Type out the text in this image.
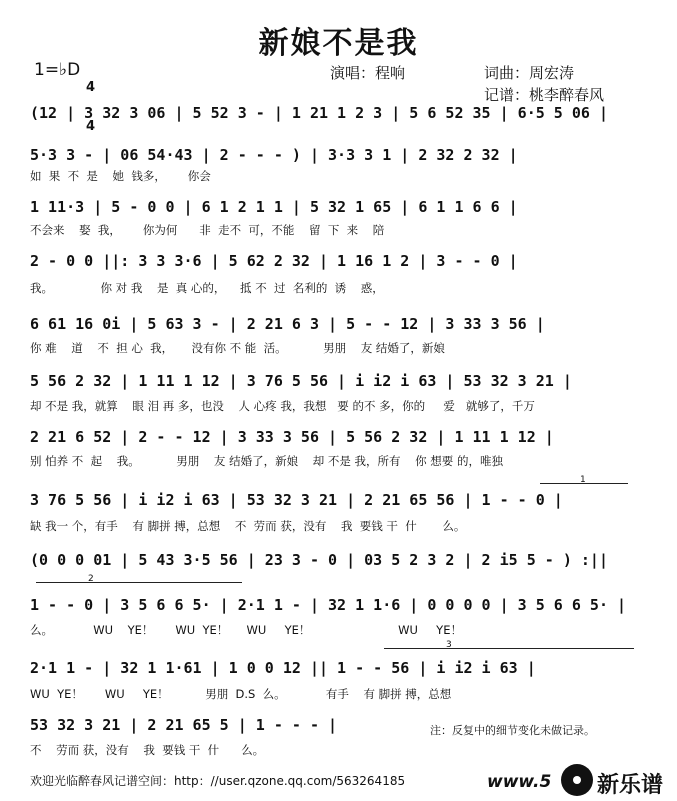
新娘不是我
1=♭D

4

4

演唱：程响	词曲：周宏涛
记谱：桃李醉春风
(12 | 3 32 3 06 | 5 52 3 - | 1 21 1 2 3 | 5 6 52 35 | 6·5 5 06 |
5·3 3 - | 06 54·43 | 2 - - - ) | 3·3 3 1 | 2 32 2 32 |
如  果  不  是    她  钱多，      你会
1 11·3 | 5 - 0 0 | 6 1 2 1 1 | 5 32 1 65 | 6 1 1 6 6 |
不会来    娶  我，      你为何      非  走不  可，不能    留  下  来    陪
2 - 0 0 ||: 3 3 3·6 | 5 62 2 32 | 1 16 1 2 | 3 - - 0 |
我。             你 对 我    是  真 心的，    抵 不  过  名利的  诱    惑，
6 61 16 0i | 5 63 3 - | 2 21 6 3 | 5 - - 12 | 3 33 3 56 |
你 难    道    不  担 心  我，     没有你 不 能  活。          男朋    友 结婚了，新娘
5 56 2 32 | 1 11 1 12 | 3 76 5 56 | i i2 i 63 | 53 32 3 21 |
却 不是 我，就算    眼 泪 再 多，也没    人 心疼 我，我想   要 的不 多，你的     爱   就够了，千万
2 21 6 52 | 2 - - 12 | 3 33 3 56 | 5 56 2 32 | 1 11 1 12 |
别 怕养 不  起    我。          男朋    友 结婚了，新娘    却 不是 我，所有    你 想要 的，唯独
1
3 76 5 56 | i i2 i 63 | 53 32 3 21 | 2 21 65 56 | 1 - - 0 |
缺 我一 个，有手    有 脚拼 搏，总想    不  劳而 获，没有    我  要钱 干  什       么。
(0 0 0 01 | 5 43 3·5 56 | 23 3 - 0 | 03 5 2 3 2 | 2 i5 5 - ) :||
2
1 - - 0 | 3 5 6 6 5· | 2·1 1 - | 32 1 1·6 | 0 0 0 0 | 3 5 6 6 5· |
么。           WU    YE！      WU  YE！     WU     YE！                        WU     YE！
3
2·1 1 - | 32 1 1·61 | 1 0 0 12 || 1 - - 56 | i i2 i 63 |
WU  YE！      WU     YE！          男朋  D.S  么。           有手    有 脚拼 搏，总想
53 32 3 21 | 2 21 65 5 | 1 - - - |
不    劳而 获，没有    我  要钱 干  什      么。
注：反复中的细节变化未做记录。
欢迎光临醉春风记谱空间：http：//user.qzone.qq.com/563264185	www.5 新乐谱
